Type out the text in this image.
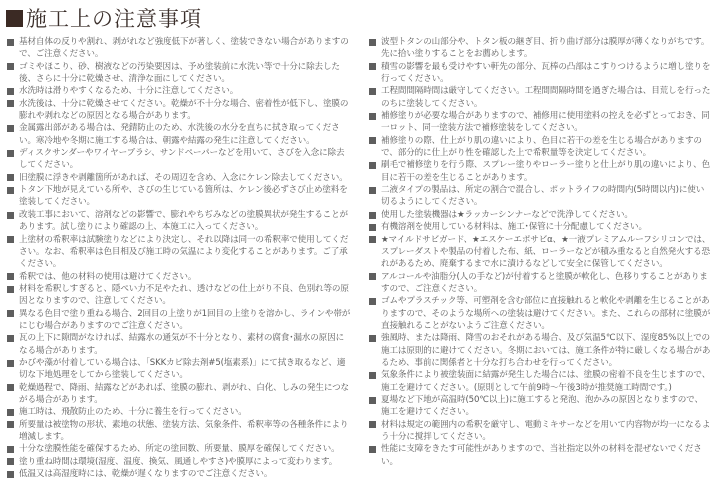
施工上の注意事項
基材自体の反りや割れ、剥がれなど強度低下が著しく、塗装できない場合がありますので、ご注意ください。
ゴミやほこり、砂、樹液などの汚染要因は、予め塗装前に水洗い等で十分に除去した後、さらに十分に乾燥させ、清浄な面にしてください。
水洗時は滑りやすくなるため、十分に注意してください。
水洗後は、十分に乾燥させてください。乾燥が不十分な場合、密着性が低下し、塗膜の膨れや剥れなどの原因となる場合があります。
金属露出部がある場合は、発錆防止のため、水洗後の水分を直ちに拭き取ってください。寒冷地や冬期に施工する場合は、朝露や結露の発生に注意してください。
ディスクサンダーやワイヤーブラシ、サンドペーパーなどを用いて、さびを入念に除去してください。
旧塗膜に浮きや剥離箇所があれば、その周辺を含め、入念にケレン除去してください。
トタン下地が見えている所や、さびの生じている箇所は、ケレン後必ずさび止め塗料を塗装してください。
改装工事において、溶剤などの影響で、膨れやちぢみなどの塗膜異状が発生することがあります。試し塗りにより確認の上、本施工に入ってください。
上塗材の希釈率は試験塗りなどにより決定し、それ以降は同一の希釈率で使用してください。なお、希釈率は色目相及び施工時の気温により変化することがあります。ご了承ください。
希釈では、他の材料の使用は避けてください。
材料を希釈しすぎると、隠ぺい力不足やたれ、透けなどの仕上がり不良、色別れ等の原因となりますので、注意してください。
異なる色目で塗り重ねる場合、2回目の上塗りが1回目の上塗りを溶かし、ラインや帯がにじむ場合がありますのでご注意ください。
瓦の上下に隙間がなければ、結露水の通気が不十分となり、素材の腐食･漏水の原因になる場合があります。
かびや藻が付着している場合は、「SKKカビ除去剤#5(塩素系)」にて拭き取るなど、適切な下地処理をしてから塗装してください。
乾燥過程で、降雨、結露などがあれば、塗膜の膨れ、剥がれ、白化、しみの発生につながる場合があります。
施工時は、飛散防止のため、十分に養生を行ってください。
所要量は被塗物の形状、素地の状態、塗装方法、気象条件、希釈率等の各種条件により増減します。
十分な塗膜性能を確保するため、所定の塗回数、所要量、膜厚を確保してください。
塗り重ね時間は環境(湿度、温度、換気、風通しやすさ)や膜厚によって変わります。
低温又は高湿度時には、乾燥が遅くなりますのでご注意ください。
波型トタンの山部分や、トタン板の継ぎ目、折り曲げ部分は膜厚が薄くなりがちです。先に拾い塗りすることをお薦めします。
積雪の影響を最も受けやすい軒先の部分、瓦棒の凸部はこすりつけるように増し塗りを行ってください。
工程間間隔時間は厳守してください。工程間間隔時間を過ぎた場合は、目荒しを行ったのちに塗装してください。
補修塗りが必要な場合がありますので、補修用に使用塗料の控えを必ずとっておき、同一ロット、同一塗装方法で補修塗装をしてください。
補修塗りの際、仕上がり肌の違いにより、色目に若干の差を生じる場合がありますので、部分的に仕上がり性を確認した上で希釈量等を決定してください。
刷毛で補修塗りを行う際、スプレー塗りやローラー塗りと仕上がり肌の違いにより、色目に若干の差を生じることがあります。
二液タイプの製品は、所定の割合で混合し、ポットライフの時間内(5時間以内)に使い切るようにしてください。
使用した塗装機器は★ラッカーシンナーなどで洗浄してください。
有機溶剤を使用している材料は、施工･保管に十分配慮してください。
★マイルドサビガード、★エスケーエポサビα、★一液プレミアムルーフシリコンでは、スプレーダストや製品の付着した布、紙、ローラーなどが積み重なると自然発火する恐れがあるため、廃棄するまで水に漬けるなどして安全に保管してください。
アルコールや油脂分(人の手など)が付着すると塗膜が軟化し、色移りすることがありますので、ご注意ください。
ゴムやプラスチック等、可塑剤を含む部位に直接触れると軟化や剥離を生じることがありますので、そのような場所への塗装は避けてください。また、これらの部材に塗膜が直接触れることがないようご注意ください。
強風時、または降雨、降雪のおそれがある場合、及び気温5℃以下、湿度85%以上での施工は原則的に避けてください。冬期においては、施工条件が特に厳しくなる場合があるため、事前に関係者と十分な打ち合わせを行ってください。
気象条件により被塗装面に結露が発生した場合には、塗膜の密着不良を生じますので、施工を避けてください。(原則として午前9時～午後3時が推奨施工時間です。)
夏場など下地が高温時(50℃以上)に施工すると発泡、泡かみの原因となりますので、施工を避けてください。
材料は規定の範囲内の希釈を厳守し、電動ミキサーなどを用いて内容物が均一になるよう十分に撹拌してください。
性能に支障をきたす可能性がありますので、当社指定以外の材料を混ぜないでください。
